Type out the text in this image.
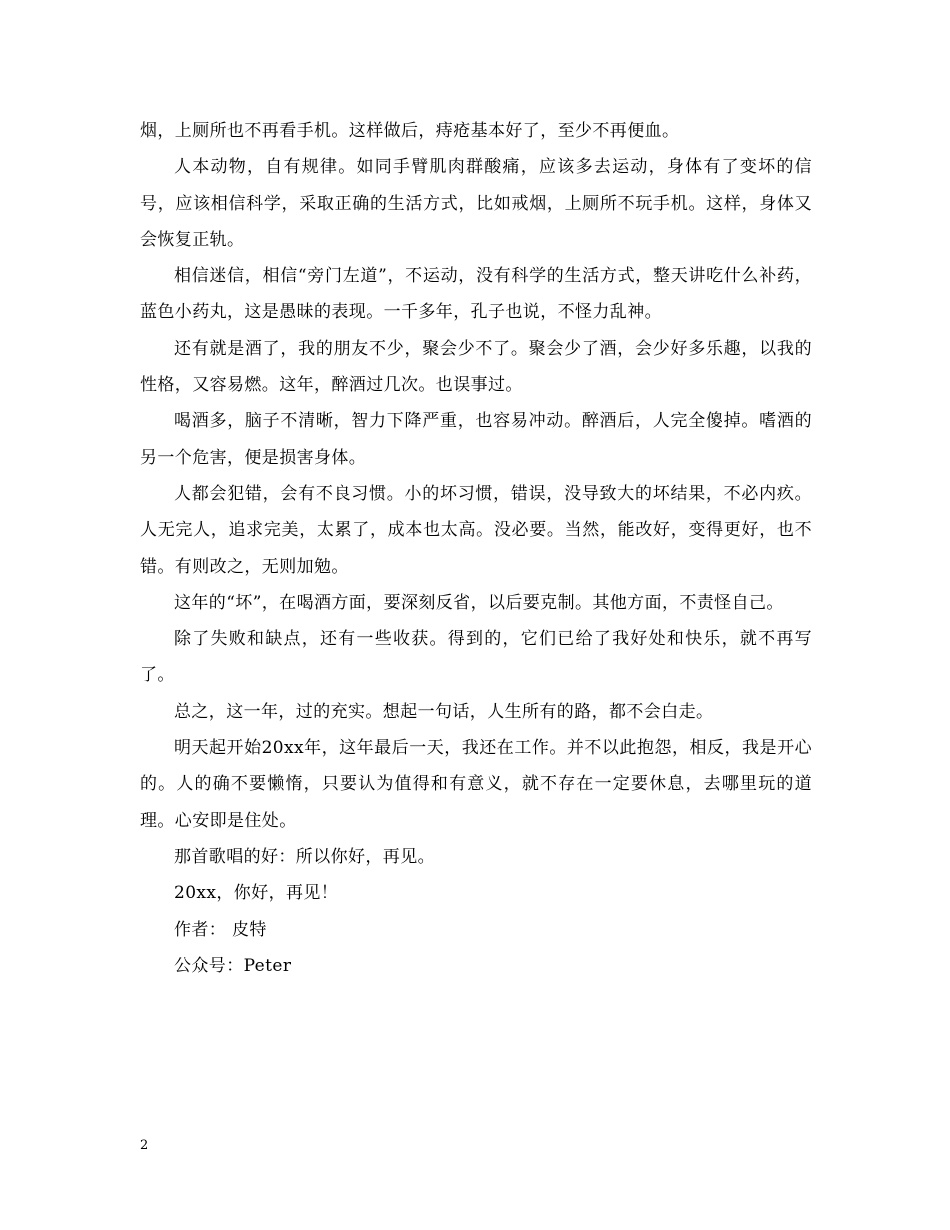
烟，上厕所也不再看手机。这样做后，痔疮基本好了，至少不再便血。

人本动物，自有规律。如同手臂肌肉群酸痛，应该多去运动，身体有了变坏的信号，应该相信科学，采取正确的生活方式，比如戒烟，上厕所不玩手机。这样，身体又会恢复正轨。

相信迷信，相信“旁门左道”，不运动，没有科学的生活方式，整天讲吃什么补药，蓝色小药丸，这是愚昧的表现。一千多年，孔子也说，不怪力乱神。

还有就是酒了，我的朋友不少，聚会少不了。聚会少了酒，会少好多乐趣，以我的性格，又容易燃。这年，醉酒过几次。也误事过。

喝酒多，脑子不清晰，智力下降严重，也容易冲动。醉酒后，人完全傻掉。嗜酒的另一个危害，便是损害身体。

人都会犯错，会有不良习惯。小的坏习惯，错误，没导致大的坏结果，不必内疚。人无完人，追求完美，太累了，成本也太高。没必要。当然，能改好，变得更好，也不错。有则改之，无则加勉。

这年的“坏”，在喝酒方面，要深刻反省，以后要克制。其他方面，不责怪自己。

除了失败和缺点，还有一些收获。得到的，它们已给了我好处和快乐，就不再写了。

总之，这一年，过的充实。想起一句话，人生所有的路，都不会白走。

明天起开始20xx年，这年最后一天，我还在工作。并不以此抱怨，相反，我是开心的。人的确不要懒惰，只要认为值得和有意义，就不存在一定要休息，去哪里玩的道理。心安即是住处。

那首歌唱的好：所以你好，再见。

20xx，你好，再见！

作者： 皮特

公众号：Peter

2
